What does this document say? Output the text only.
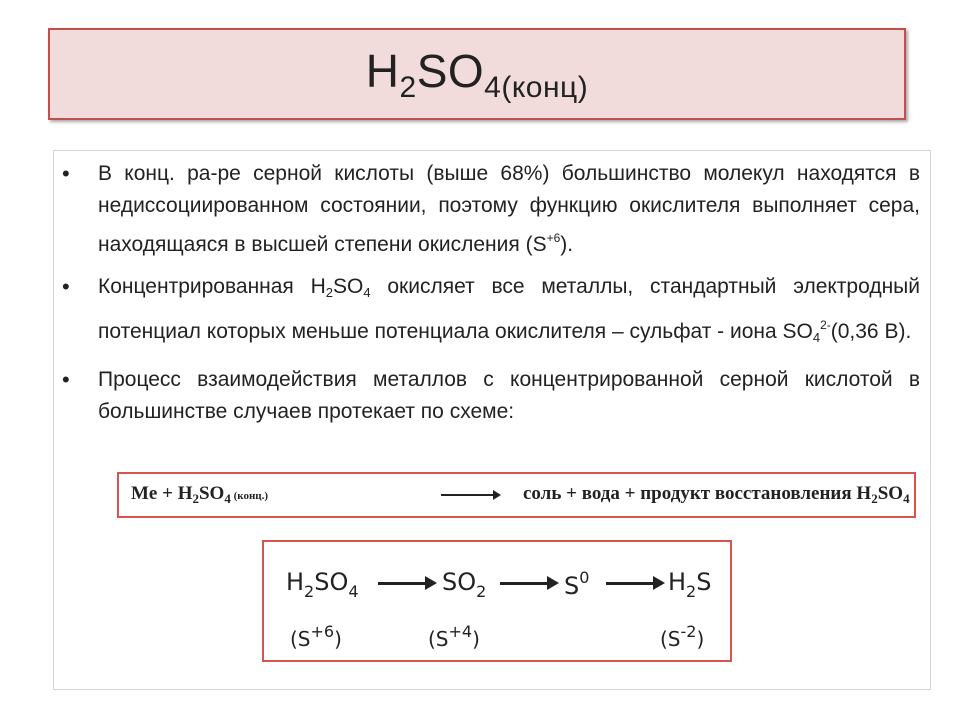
$H_2SO_{4(конц)}$
• В конц. ра-ре серной кислоты (выше 68%) большинство молекул находятся в недиссоциированном состоянии, поэтому функцию окислителя выполняет сера, находящаяся в высшей степени окисления $(S^{+6})$.
• Концентрированная H2SO4 окисляет все металлы, стандартный электродный потенциал которых меньше потенциала окислителя – сульфат - иона $SO4^{2-}(0,36$ В).
• Процесс взаимодействия металлов с концентрированной серной кислотой в большинстве случаев протекает по схеме:
$Me + H_2SO_4$ (конц.)	→ соль + вода + продукт восстановления $H_2SO_4$
$H_2SO_4$
$(S^{+6})$
$SO_2$
$(S^{+4})$
$S^0$	$H_2S$
$(S^{-2})$
